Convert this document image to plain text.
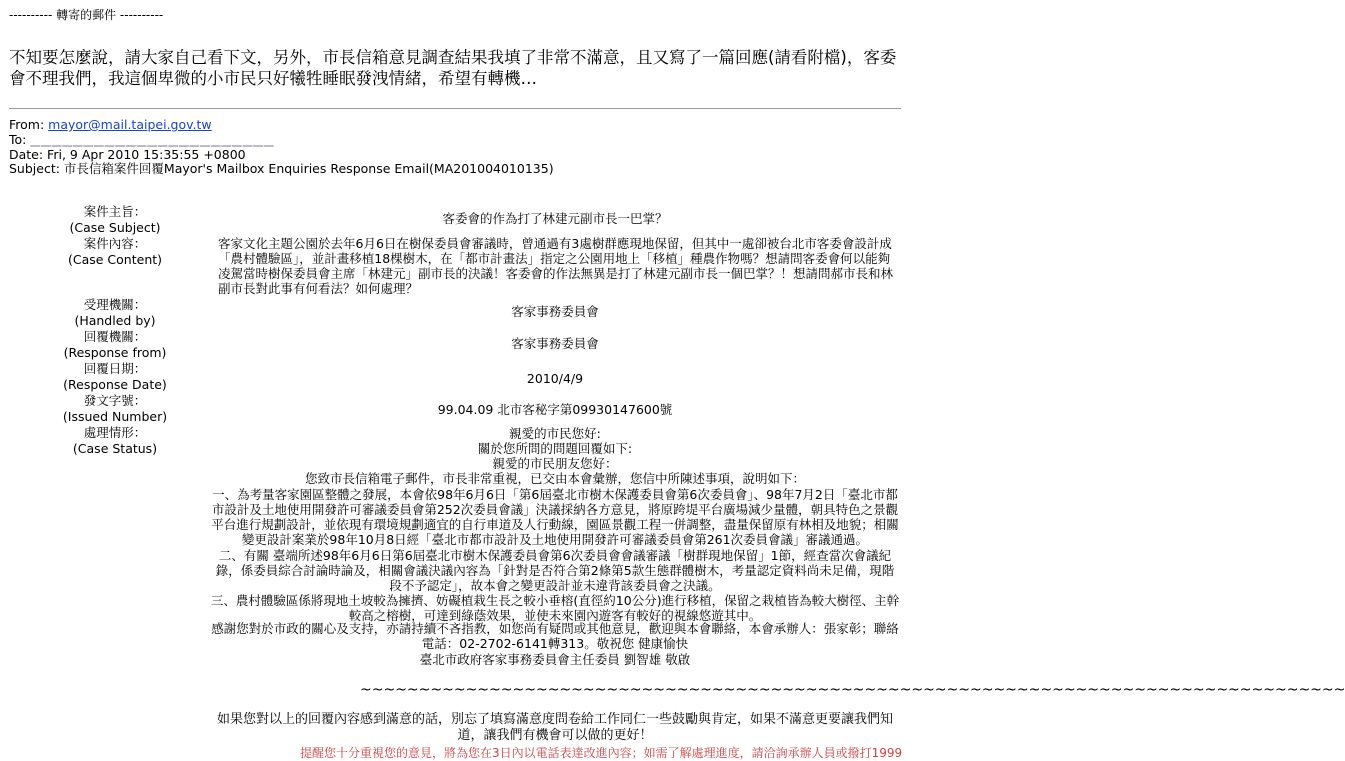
---------- 轉寄的郵件 ----------
不知要怎麼說，請大家自己看下文，另外，市長信箱意見調查結果我填了非常不滿意，且又寫了一篇回應(請看附檔)，客委會不理我們，我這個卑微的小市民只好犧牲睡眠發洩情緒，希望有轉機…
From: mayor@mail.taipei.gov.tw
To: ▁▁▁▁▁▁▁▁▁▁▁▁▁▁▁▁▁▁▁▁▁▁▁
Date: Fri, 9 Apr 2010 15:35:55 +0800
Subject: 市長信箱案件回覆Mayor's Mailbox Enquiries Response Email(MA201004010135)
案件主旨：
(Case Subject)
案件內容：
(Case Content)
受理機關：
(Handled by)
回覆機關：
(Response from)
回覆日期：
(Response Date)
發文字號：
(Issued Number)
處理情形：
(Case Status)
客委會的作為打了林建元副市長一巴掌？
客家文化主題公園於去年6月6日在樹保委員會審議時，曾通過有3處樹群應現地保留，但其中一處卻被台北市客委會設計成「農村體驗區」，並計畫移植18棵樹木，在「都市計畫法」指定之公園用地上「移植」種農作物嗎？想請問客委會何以能夠凌駕當時樹保委員會主席「林建元」副市長的決議！客委會的作法無異是打了林建元副市長一個巴掌？！想請問郝市長和林副市長對此事有何看法？如何處理？
客家事務委員會
客家事務委員會
2010/4/9
99.04.09 北市客秘字第09930147600號
親愛的市民您好:
關於您所問的問題回覆如下:
親愛的市民朋友您好：
您致市長信箱電子郵件，市長非常重視，已交由本會彙辦，您信中所陳述事項，說明如下：
一、為考量客家園區整體之發展，本會依98年6月6日「第6屆臺北市樹木保護委員會第6次委員會」、98年7月2日「臺北市都市設計及土地使用開發許可審議委員會第252次委員會議」決議採納各方意見，將原跨堤平台廣場減少量體，朝具特色之景觀平台進行規劃設計，並依現有環境規劃適宜的自行車道及人行動線，園區景觀工程一併調整，盡量保留原有林相及地貌；相關變更設計案業於98年10月8日經「臺北市都市設計及土地使用開發許可審議委員會第261次委員會議」審議通過。
二、有關 臺端所述98年6月6日第6屆臺北市樹木保護委員會第6次委員會會議審議「樹群現地保留」1節，經查當次會議紀錄，係委員綜合討論時論及，相關會議決議內容為「針對是否符合第2條第5款生態群體樹木，考量認定資料尚未足備，現階段不予認定」，故本會之變更設計並未違背該委員會之決議。
三、農村體驗區係將現地土坡較為擁擠、妨礙植栽生長之較小垂榕(直徑約10公分)進行移植，保留之栽植皆為較大樹徑、主幹較高之榕樹，可達到綠蔭效果，並使未來園內遊客有較好的視線悠遊其中。
感謝您對於市政的關心及支持，亦請持續不吝指教，如您尚有疑問或其他意見，歡迎與本會聯絡，本會承辦人：張家彰；聯絡電話：02-2702-6141轉313。敬祝您 健康愉快
臺北市政府客家事務委員會主任委員 劉智雄 敬啟
~~~~~~~~~~~~~~~~~~~~~~~~~~~~~~~~~~~~~~~~~~~~~~~~~~~~~~~~~~~~~~~~~~~~~~~~~~~~~~~~~~~~
如果您對以上的回覆內容感到滿意的話，別忘了填寫滿意度問卷給工作同仁一些鼓勵與肯定，如果不滿意更要讓我們知道，讓我們有機會可以做的更好！
提醒您十分重視您的意見，將為您在3日內以電話表達改進內容；如需了解處理進度，請洽詢承辦人員或撥打1999
